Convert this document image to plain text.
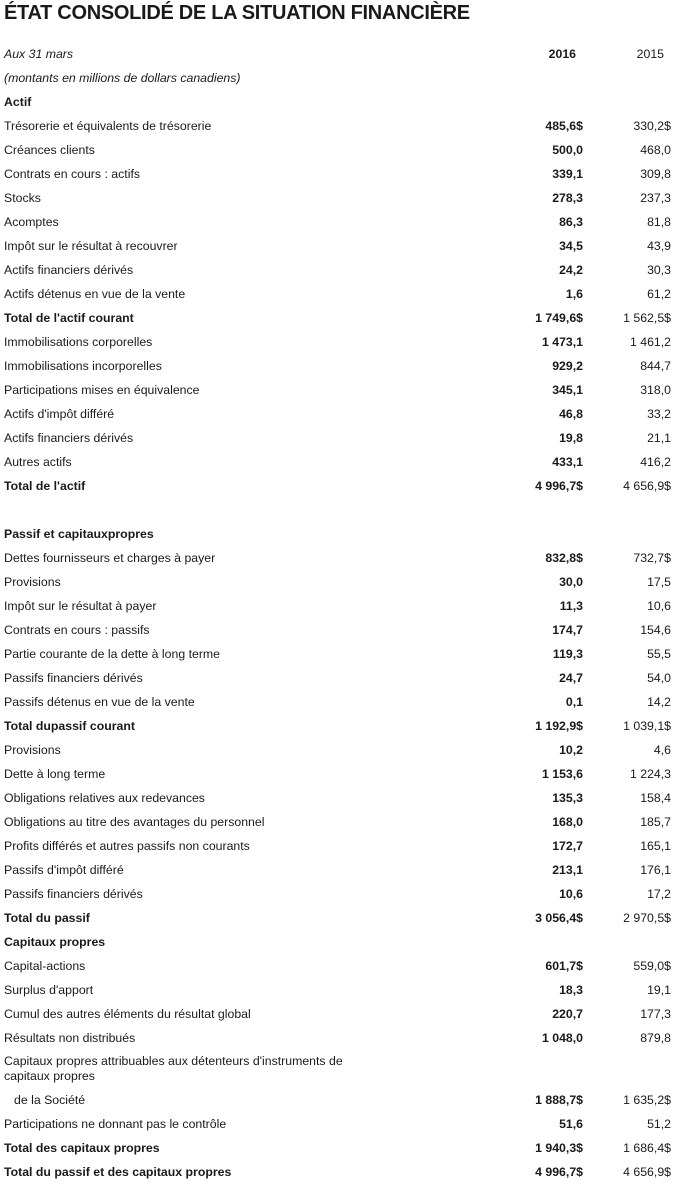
ÉTAT CONSOLIDÉ DE LA SITUATION FINANCIÈRE
Aux 31 mars	2016	2015
(montants en millions de dollars canadiens)
Actif
Trésorerie et équivalents de trésorerie	485,6$	330,2$
Créances clients	500,0	468,0
Contrats en cours : actifs	339,1	309,8
Stocks	278,3	237,3
Acomptes	86,3	81,8
Impôt sur le résultat à recouvrer	34,5	43,9
Actifs financiers dérivés	24,2	30,3
Actifs détenus en vue de la vente	1,6	61,2
Total de l'actif courant	1 749,6$	1 562,5$
Immobilisations corporelles	1 473,1	1 461,2
Immobilisations incorporelles	929,2	844,7
Participations mises en équivalence	345,1	318,0
Actifs d'impôt différé	46,8	33,2
Actifs financiers dérivés	19,8	21,1
Autres actifs	433,1	416,2
Total de l'actif	4 996,7$	4 656,9$
Passif et capitauxpropres
Dettes fournisseurs et charges à payer	832,8$	732,7$
Provisions	30,0	17,5
Impôt sur le résultat à payer	11,3	10,6
Contrats en cours : passifs	174,7	154,6
Partie courante de la dette à long terme	119,3	55,5
Passifs financiers dérivés	24,7	54,0
Passifs détenus en vue de la vente	0,1	14,2
Total dupassif courant	1 192,9$	1 039,1$
Provisions	10,2	4,6
Dette à long terme	1 153,6	1 224,3
Obligations relatives aux redevances	135,3	158,4
Obligations au titre des avantages du personnel	168,0	185,7
Profits différés et autres passifs non courants	172,7	165,1
Passifs d'impôt différé	213,1	176,1
Passifs financiers dérivés	10,6	17,2
Total du passif	3 056,4$	2 970,5$
Capitaux propres
Capital-actions	601,7$	559,0$
Surplus d'apport	18,3	19,1
Cumul des autres éléments du résultat global	220,7	177,3
Résultats non distribués	1 048,0	879,8
Capitaux propres attribuables aux détenteurs d'instruments de
capitaux propres
de la Société	1 888,7$	1 635,2$
Participations ne donnant pas le contrôle	51,6	51,2
Total des capitaux propres	1 940,3$	1 686,4$
Total du passif et des capitaux propres	4 996,7$	4 656,9$
